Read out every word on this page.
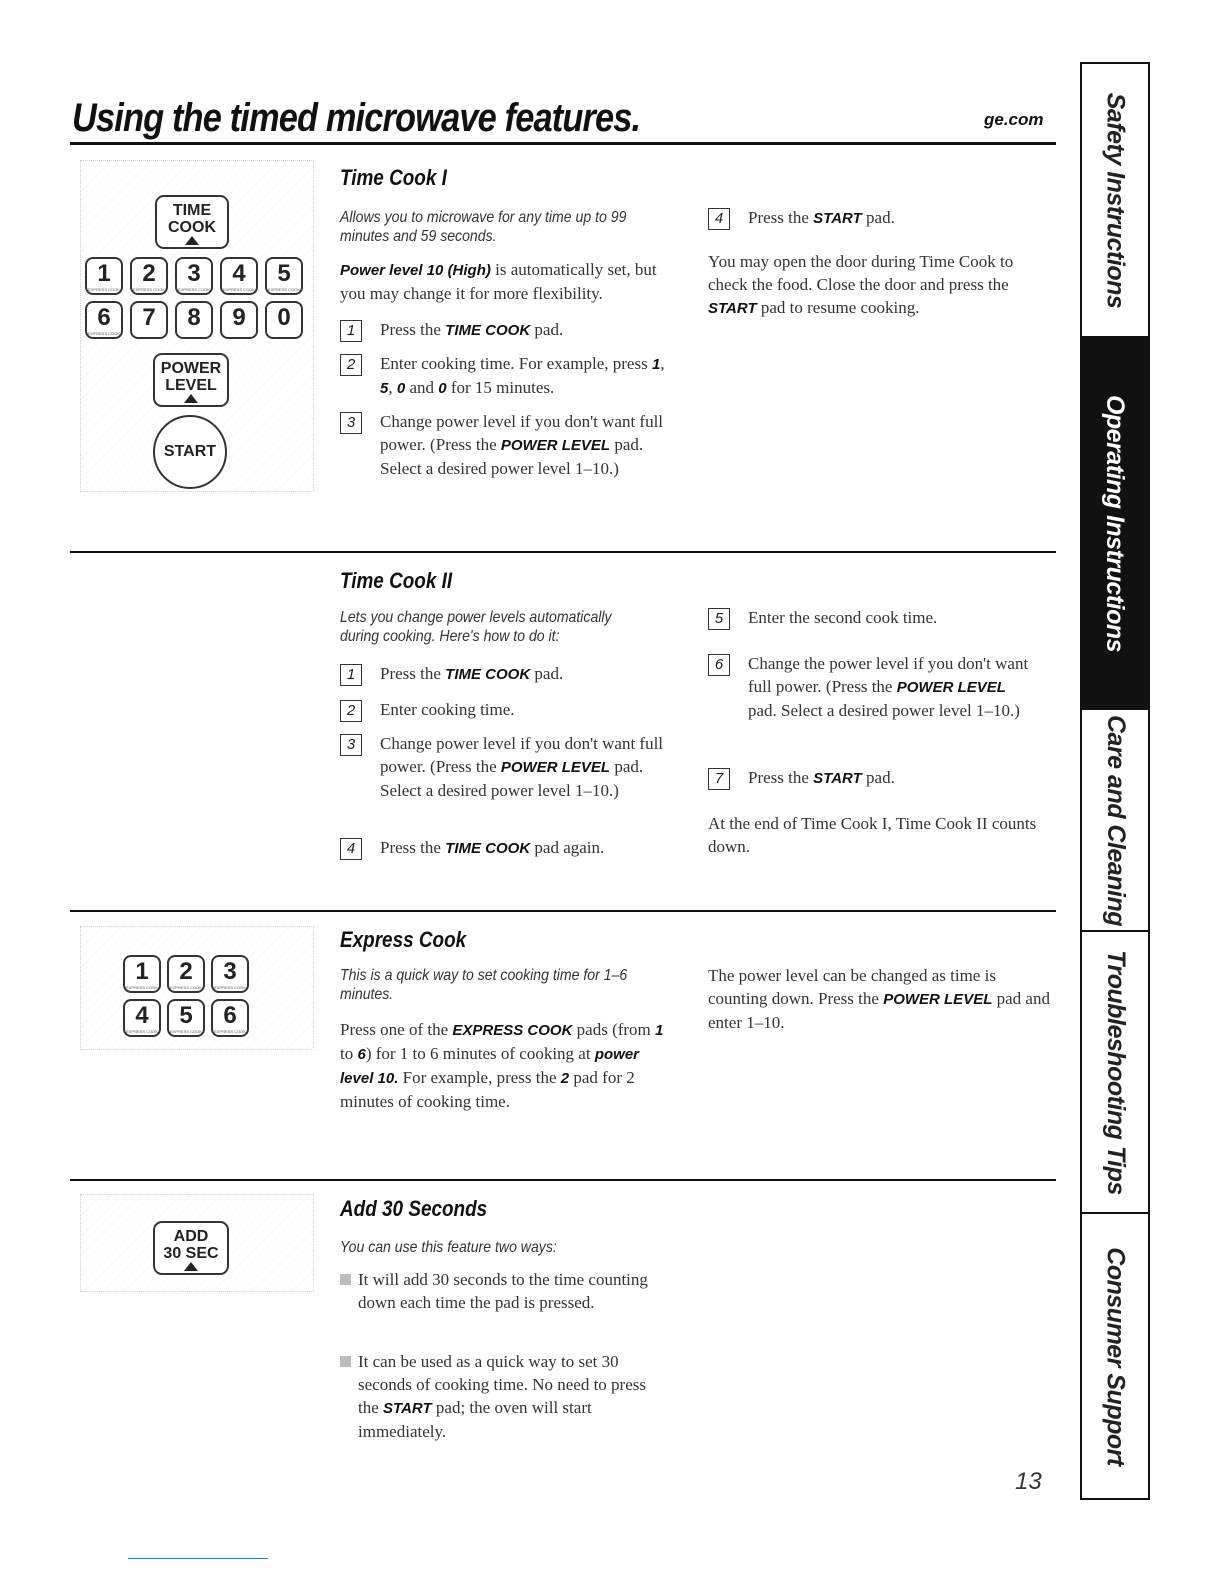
Using the timed microwave features.	ge.com
TIME
COOK
1
EXPRESS COOK
2
EXPRESS COOK
3
EXPRESS COOK
4
EXPRESS COOK
5
EXPRESS COOK
6
EXPRESS COOK
7	8	9	0
POWER
LEVEL
START
Time Cook I
Allows you to microwave for any time up to 99 minutes and 59 seconds.
Power level 10 (High) is automatically set, but you may change it for more flexibility.
1	Press the TIME COOK pad.
2	Enter cooking time. For example, press 1, 5, 0 and 0 for 15 minutes.
3	Change power level if you don't want full power. (Press the POWER LEVEL pad. Select a desired power level 1–10.)
4	Press the START pad.
You may open the door during Time Cook to check the food. Close the door and press the START pad to resume cooking.
Time Cook II
Lets you change power levels automatically during cooking. Here's how to do it:
1	Press the TIME COOK pad.
2	Enter cooking time.
3	Change power level if you don't want full power. (Press the POWER LEVEL pad. Select a desired power level 1–10.)
4	Press the TIME COOK pad again.
5	Enter the second cook time.
6	Change the power level if you don't want full power. (Press the POWER LEVEL pad. Select a desired power level 1–10.)
7	Press the START pad.
At the end of Time Cook I, Time Cook II counts down.
1
EXPRESS COOK
2
EXPRESS COOK
3
EXPRESS COOK
4
EXPRESS COOK
5
EXPRESS COOK
6
EXPRESS COOK
Express Cook
This is a quick way to set cooking time for 1–6 minutes.
Press one of the EXPRESS COOK pads (from 1 to 6) for 1 to 6 minutes of cooking at power level 10. For example, press the 2 pad for 2 minutes of cooking time.
The power level can be changed as time is counting down. Press the POWER LEVEL pad and enter 1–10.
ADD
30 SEC
Add 30 Seconds
You can use this feature two ways:
It will add 30 seconds to the time counting down each time the pad is pressed.
It can be used as a quick way to set 30 seconds of cooking time. No need to press the START pad; the oven will start immediately.
Safety Instructions
Operating Instructions
Care and Cleaning
Troubleshooting Tips
Consumer Support
13
